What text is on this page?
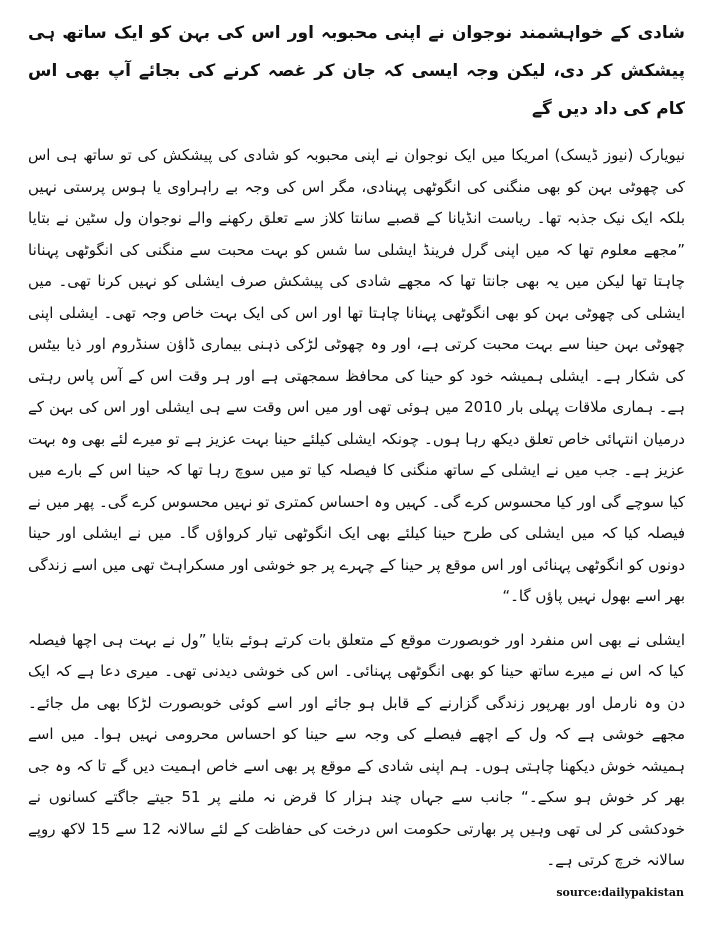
شادی کے خواہشمند نوجوان نے اپنی محبوبہ اور اس کی بہن کو ایک ساتھ ہی پیشکش کر دی، لیکن وجہ ایسی کہ جان کر غصہ کرنے کی بجائے آپ بھی اس کام کی داد دیں گے

نیویارک (نیوز ڈیسک) امریکا میں ایک نوجوان نے اپنی محبوبہ کو شادی کی پیشکش کی تو ساتھ ہی اس کی چھوٹی بہن کو بھی منگنی کی انگوٹھی پہنادی، مگر اس کی وجہ بے راہراوی یا ہوس پرستی نہیں بلکہ ایک نیک جذبہ تھا۔ ریاست انڈیانا کے قصبے سانتا کلاز سے تعلق رکھنے والے نوجوان ول سٹین نے بتایا ”مجھے معلوم تھا کہ میں اپنی گرل فرینڈ ایشلی سا شس کو بہت محبت سے منگنی کی انگوٹھی پہنانا چاہتا تھا لیکن میں یہ بھی جانتا تھا کہ مجھے شادی کی پیشکش صرف ایشلی کو نہیں کرنا تھی۔ میں ایشلی کی چھوٹی بہن کو بھی انگوٹھی پہنانا چاہتا تھا اور اس کی ایک بہت خاص وجہ تھی۔ ایشلی اپنی چھوٹی بہن حینا سے بہت محبت کرتی ہے، اور وہ چھوٹی لڑکی ذہنی بیماری ڈاﺅن سنڈروم اور ذیا بیٹس کی شکار ہے۔ ایشلی ہمیشہ خود کو حینا کی محافظ سمجھتی ہے اور ہر وقت اس کے آس پاس رہتی ہے۔ ہماری ملاقات پہلی بار 2010 میں ہوئی تھی اور میں اس وقت سے ہی ایشلی اور اس کی بہن کے درمیان انتہائی خاص تعلق دیکھ رہا ہوں۔ چونکہ ایشلی کیلئے حینا بہت عزیز ہے تو میرے لئے بھی وہ بہت عزیز ہے۔ جب میں نے ایشلی کے ساتھ منگنی کا فیصلہ کیا تو میں سوچ رہا تھا کہ حینا اس کے بارے میں کیا سوچے گی اور کیا محسوس کرے گی۔ کہیں وہ احساس کمتری تو نہیں محسوس کرے گی۔ پھر میں نے فیصلہ کیا کہ میں ایشلی کی طرح حینا کیلئے بھی ایک انگوٹھی تیار کرواﺅں گا۔ میں نے ایشلی اور حینا دونوں کو انگوٹھی پہنائی اور اس موقع پر حینا کے چہرے پر جو خوشی اور مسکراہٹ تھی میں اسے زندگی بھر اسے بھول نہیں پاﺅں گا۔“

ایشلی نے بھی اس منفرد اور خوبصورت موقع کے متعلق بات کرتے ہوئے بتایا ”ول نے بہت ہی اچھا فیصلہ کیا کہ اس نے میرے ساتھ حینا کو بھی انگوٹھی پہنائی۔ اس کی خوشی دیدنی تھی۔ میری دعا ہے کہ ایک دن وہ نارمل اور بھرپور زندگی گزارنے کے قابل ہو جائے اور اسے کوئی خوبصورت لڑکا بھی مل جائے۔ مجھے خوشی ہے کہ ول کے اچھے فیصلے کی وجہ سے حینا کو احساس محرومی نہیں ہوا۔ میں اسے ہمیشہ خوش دیکھنا چاہتی ہوں۔ ہم اپنی شادی کے موقع پر بھی اسے خاص اہمیت دیں گے تا کہ وہ جی بھر کر خوش ہو سکے۔“ جانب سے جہاں چند ہزار کا قرض نہ ملنے پر 51 جیتے جاگتے کسانوں نے خودکشی کر لی تھی وہیں پر بھارتی حکومت اس درخت کی حفاظت کے لئے سالانہ 12 سے 15 لاکھ روپے سالانہ خرچ کرتی ہے۔

source:dailypakistan
